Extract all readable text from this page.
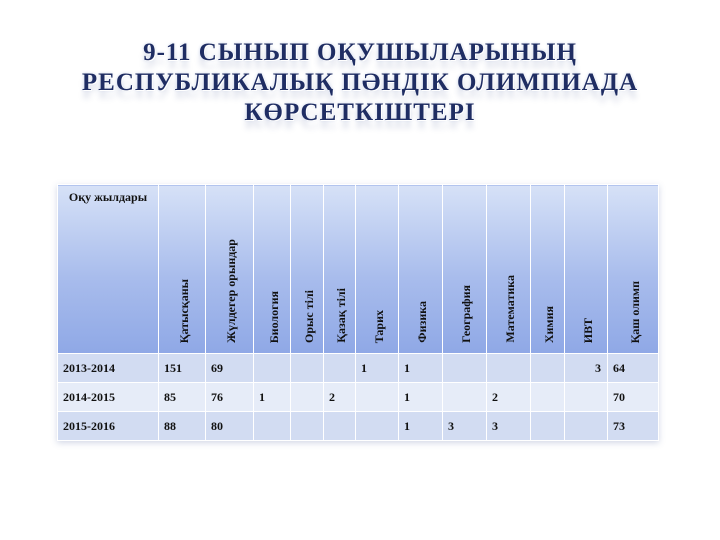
9-11 СЫНЫП ОҚУШЫЛАРЫНЫҢ
РЕСПУБЛИКАЛЫҚ ПӘНДІК ОЛИМПИАДА
КӨРСЕТКІШТЕРІ
Оқу жылдары	Қатысқаны	Жүлдегер орындар	Биология	Орыс тілі	Қазақ тілі	Тарих	Физика	География	Математика	Химия	ИВТ	Қаш олимп
2013-2014	151	69				1	1				3	64
2014-2015	85	76	1		2		1		2			70
2015-2016	88	80					1	3	3			73
